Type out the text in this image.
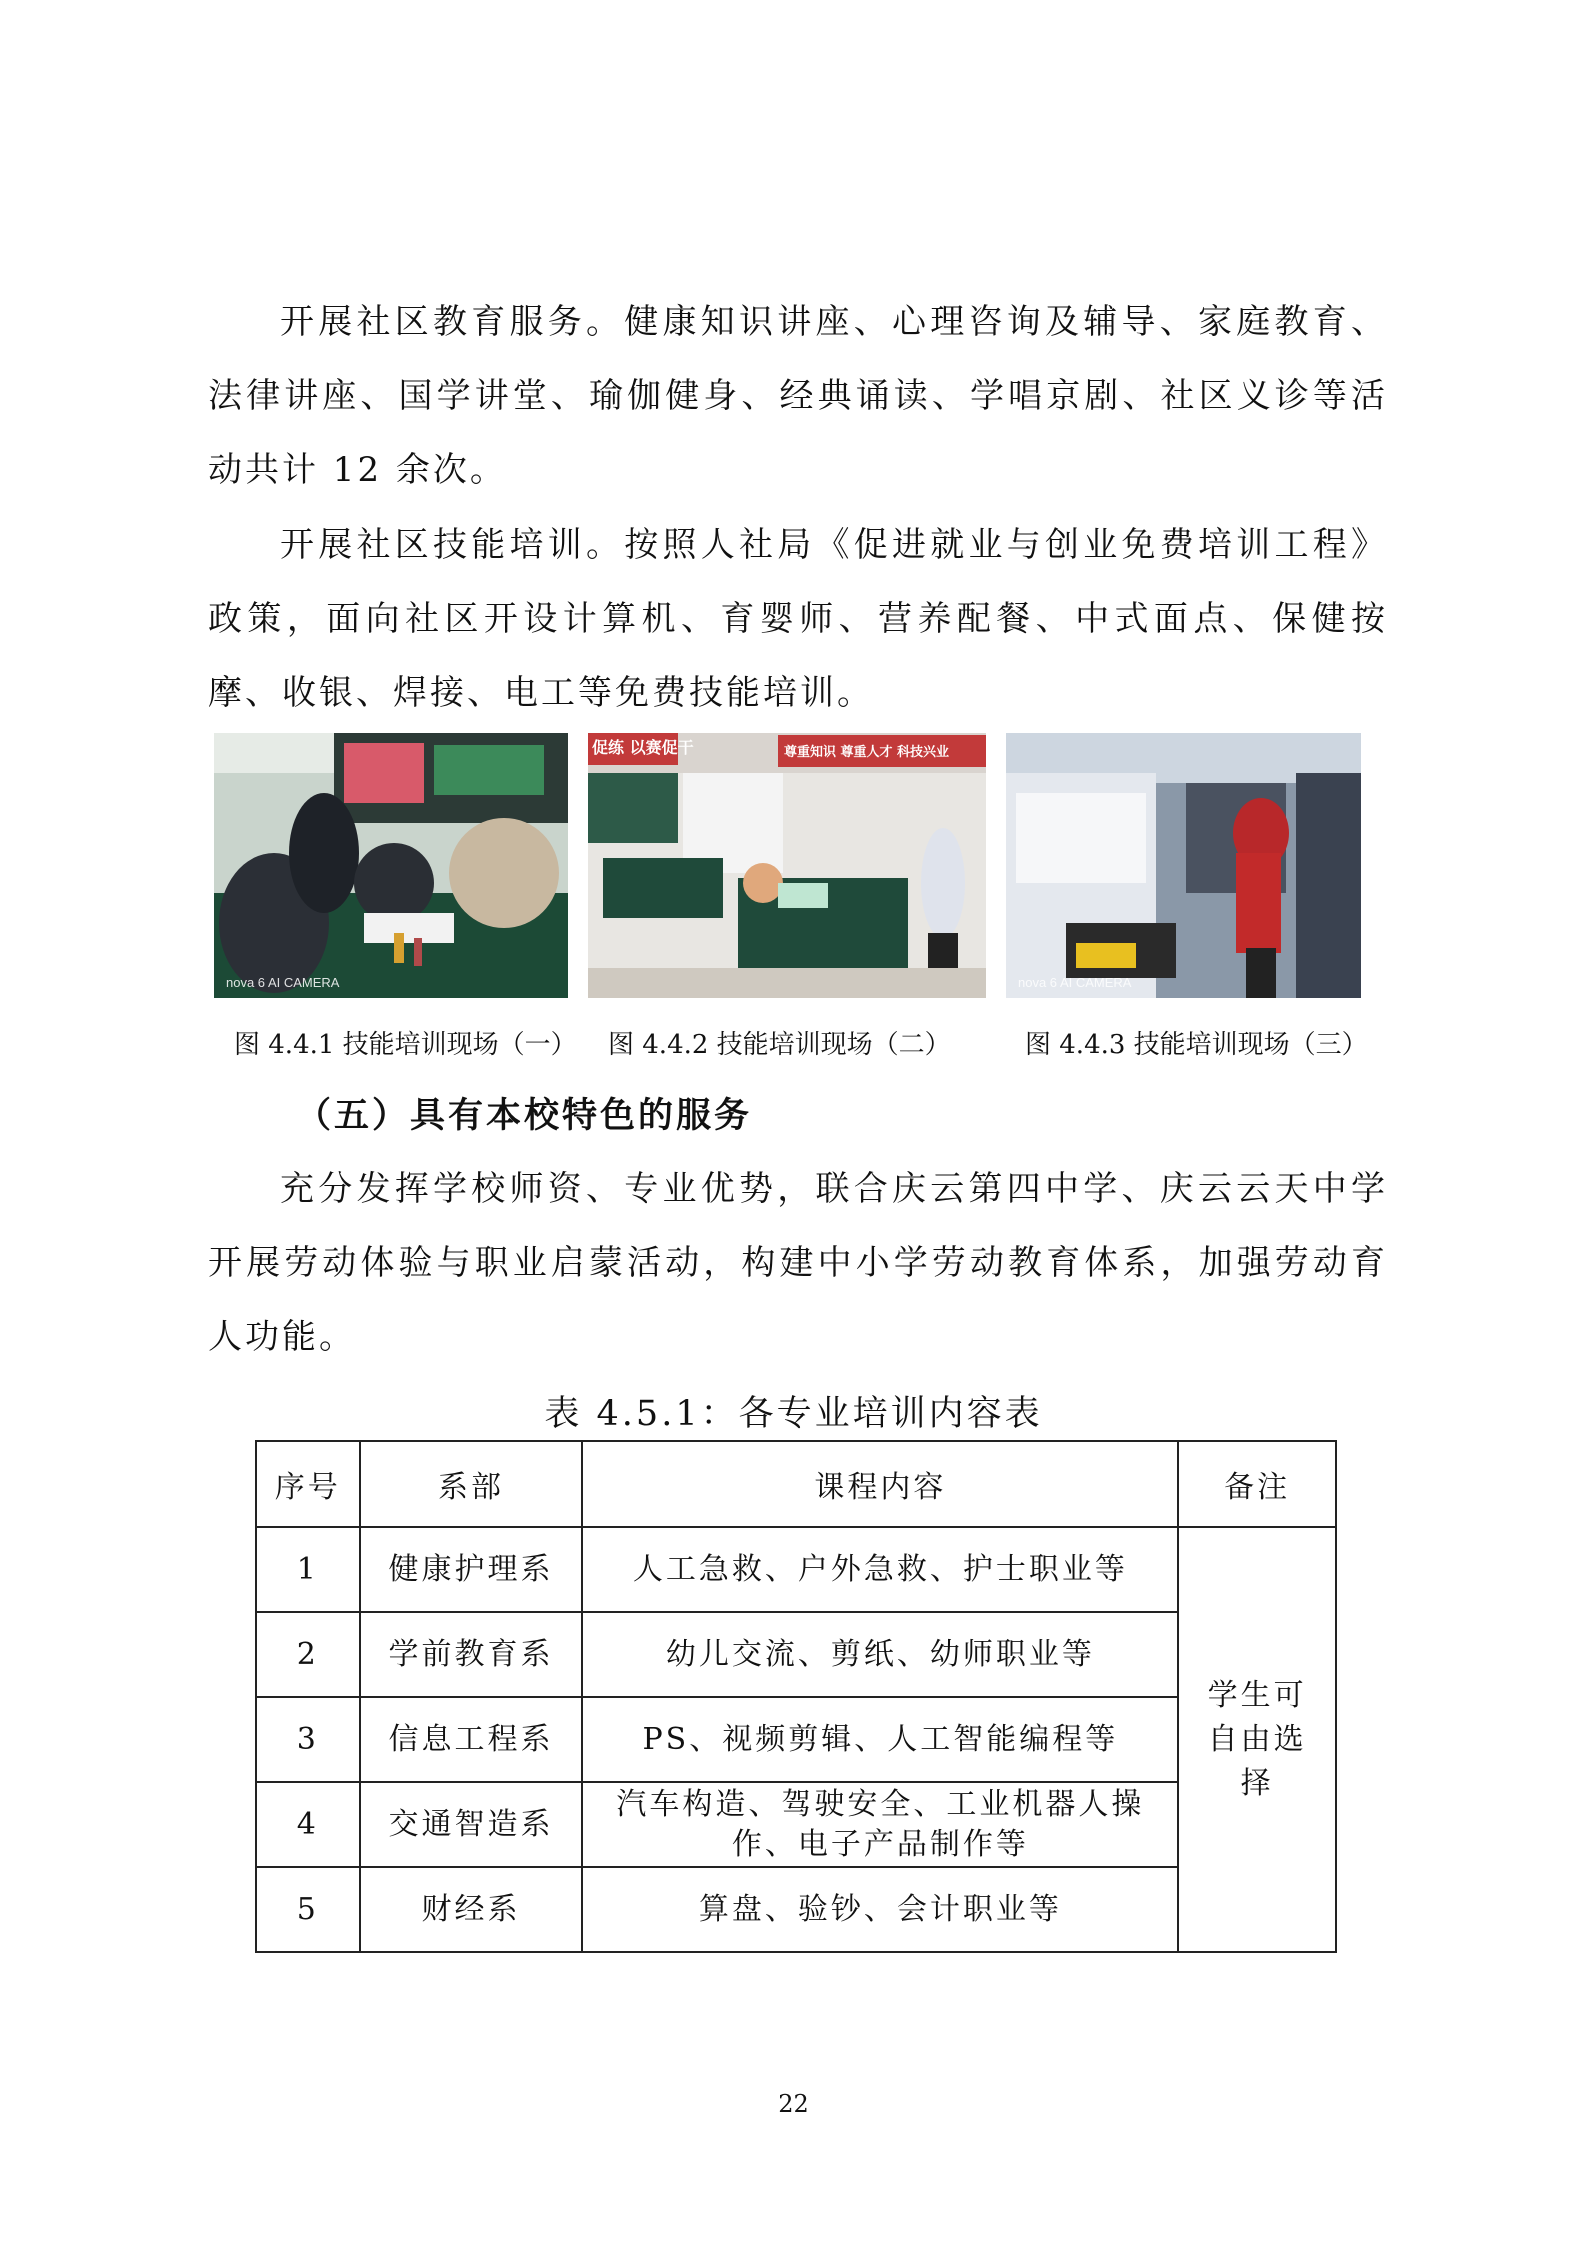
开展社区教育服务。健康知识讲座、心理咨询及辅导、家庭教育、法律讲座、国学讲堂、瑜伽健身、经典诵读、学唱京剧、社区义诊等活动共计 12 余次。

开展社区技能培训。按照人社局《促进就业与创业免费培训工程》政策，面向社区开设计算机、育婴师、营养配餐、中式面点、保健按摩、收银、焊接、电工等免费技能培训。

nova 6 AI CAMERA
促练 以赛促干	尊重知识 尊重人才 科技兴业
nova 6 AI CAMERA
图 4.4.1 技能培训现场（一） 图 4.4.2 技能培训现场（二）	图 4.4.3 技能培训现场（三）
（五）具有本校特色的服务

充分发挥学校师资、专业优势，联合庆云第四中学、庆云云天中学开展劳动体验与职业启蒙活动，构建中小学劳动教育体系，加强劳动育人功能。

表 4.5.1：各专业培训内容表
序号	系部	课程内容	备注
1	健康护理系	人工急救、户外急救、护士职业等	学生可自由选择

2	学前教育系	幼儿交流、剪纸、幼师职业等	
3	信息工程系	PS、视频剪辑、人工智能编程等	
4	交通智造系	汽车构造、驾驶安全、工业机器人操作、电子产品制作等	

5	财经系	算盘、验钞、会计职业等	
22
